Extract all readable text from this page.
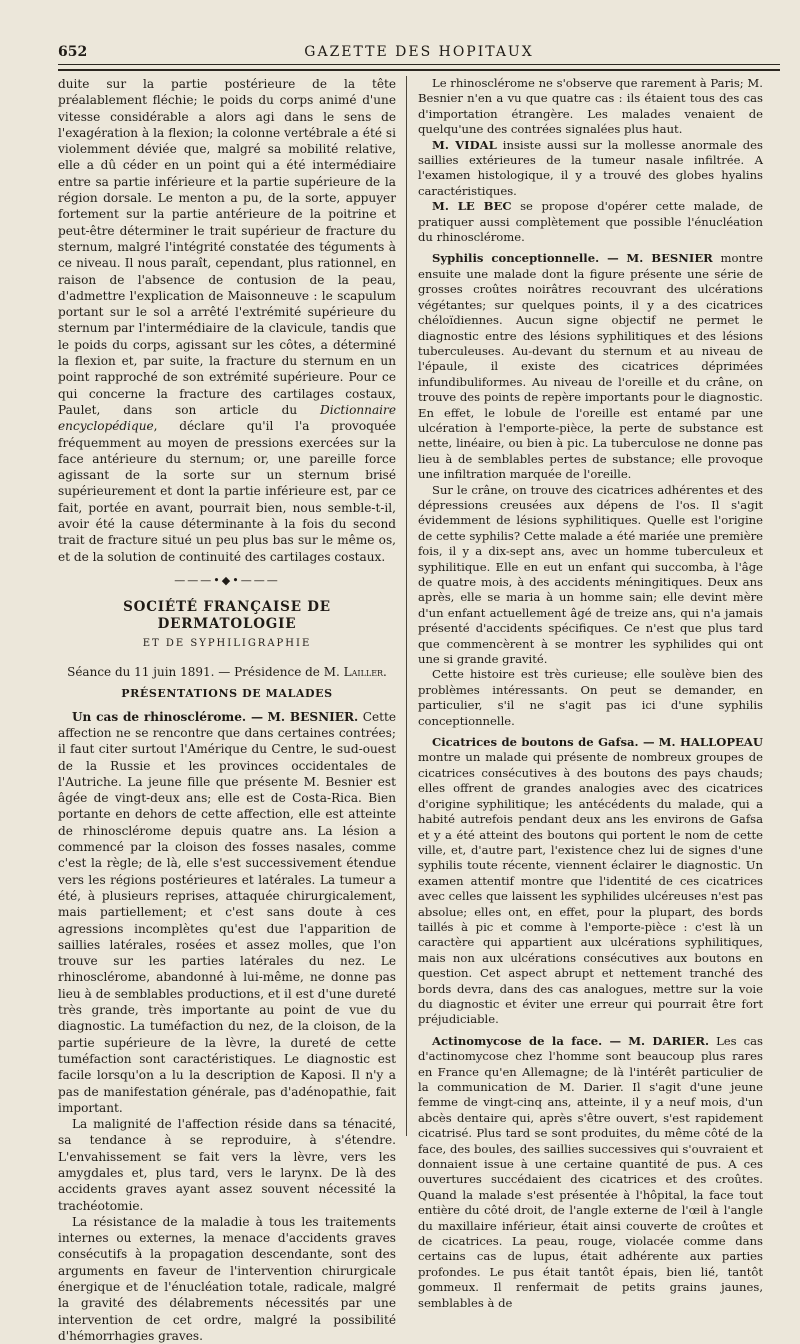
652	GAZETTE DES HOPITAUX

duite sur la partie postérieure de la tête préalablement fléchie; le poids du corps animé d'une vitesse considérable a alors agi dans le sens de l'exagération à la flexion; la colonne vertébrale a été si violemment déviée que, malgré sa mobilité relative, elle a dû céder en un point qui a été intermédiaire entre sa partie inférieure et la partie supérieure de la région dorsale. Le menton a pu, de la sorte, appuyer fortement sur la partie antérieure de la poitrine et peut-être déterminer le trait supérieur de fracture du sternum, malgré l'intégrité constatée des téguments à ce niveau. Il nous paraît, cependant, plus rationnel, en raison de l'absence de contusion de la peau, d'admettre l'explication de Maisonneuve : le scapulum portant sur le sol a arrêté l'extrémité supérieure du sternum par l'intermédiaire de la clavicule, tandis que le poids du corps, agissant sur les côtes, a déterminé la flexion et, par suite, la fracture du sternum en un point rapproché de son extrémité supérieure. Pour ce qui concerne la fracture des cartilages costaux, Paulet, dans son article du Dictionnaire encyclopédique, déclare qu'il l'a provoquée fréquemment au moyen de pressions exercées sur la face antérieure du sternum; or, une pareille force agissant de la sorte sur un sternum brisé supérieurement et dont la partie inférieure est, par ce fait, portée en avant, pourrait bien, nous semble-t-il, avoir été la cause déterminante à la fois du second trait de fracture situé un peu plus bas sur le même os, et de la solution de continuité des cartilages costaux.

———•◆•———
SOCIÉTÉ FRANÇAISE DE DERMATOLOGIE
ET DE SYPHILIGRAPHIE
Séance du 11 juin 1891. — Présidence de M. Lailler.
PRÉSENTATIONS DE MALADES

Un cas de rhinosclérome. — M. BESNIER. Cette affection ne se rencontre que dans certaines contrées; il faut citer surtout l'Amérique du Centre, le sud-ouest de la Russie et les provinces occidentales de l'Autriche. La jeune fille que présente M. Besnier est âgée de vingt-deux ans; elle est de Costa-Rica. Bien portante en dehors de cette affection, elle est atteinte de rhinosclérome depuis quatre ans. La lésion a commencé par la cloison des fosses nasales, comme c'est la règle; de là, elle s'est successivement étendue vers les régions postérieures et latérales. La tumeur a été, à plusieurs reprises, attaquée chirurgicalement, mais partiellement; et c'est sans doute à ces agressions incomplètes qu'est due l'apparition de saillies latérales, rosées et assez molles, que l'on trouve sur les parties latérales du nez. Le rhinosclérome, abandonné à lui-même, ne donne pas lieu à de semblables productions, et il est d'une dureté très grande, très importante au point de vue du diagnostic. La tuméfaction du nez, de la cloison, de la partie supérieure de la lèvre, la dureté de cette tuméfaction sont caractéristiques. Le diagnostic est facile lorsqu'on a lu la description de Kaposi. Il n'y a pas de manifestation générale, pas d'adénopathie, fait important.

La malignité de l'affection réside dans sa ténacité, sa tendance à se reproduire, à s'étendre. L'envahissement se fait vers la lèvre, vers les amygdales et, plus tard, vers le larynx. De là des accidents graves ayant assez souvent nécessité la trachéotomie.

La résistance de la maladie à tous les traitements internes ou externes, la menace d'accidents graves consécutifs à la propagation descendante, sont des arguments en faveur de l'intervention chirurgicale énergique et de l'énucléation totale, radicale, malgré la gravité des délabrements nécessités par une intervention de cet ordre, malgré la possibilité d'hémorrhagies graves.

Le rhinosclérome ne s'observe que rarement à Paris; M. Besnier n'en a vu que quatre cas : ils étaient tous des cas d'importation étrangère. Les malades venaient de quelqu'une des contrées signalées plus haut.

M. VIDAL insiste aussi sur la mollesse anormale des saillies extérieures de la tumeur nasale infiltrée. A l'examen histologique, il y a trouvé des globes hyalins caractéristiques.

M. LE BEC se propose d'opérer cette malade, de pratiquer aussi complètement que possible l'énucléation du rhinosclérome.

Syphilis conceptionnelle. — M. BESNIER montre ensuite une malade dont la figure présente une série de grosses croûtes noirâtres recouvrant des ulcérations végétantes; sur quelques points, il y a des cicatrices chéloïdiennes. Aucun signe objectif ne permet le diagnostic entre des lésions syphilitiques et des lésions tuberculeuses. Au-devant du sternum et au niveau de l'épaule, il existe des cicatrices déprimées infundibuliformes. Au niveau de l'oreille et du crâne, on trouve des points de repère importants pour le diagnostic. En effet, le lobule de l'oreille est entamé par une ulcération à l'emporte-pièce, la perte de substance est nette, linéaire, ou bien à pic. La tuberculose ne donne pas lieu à de semblables pertes de substance; elle provoque une infiltration marquée de l'oreille.

Sur le crâne, on trouve des cicatrices adhérentes et des dépressions creusées aux dépens de l'os. Il s'agit évidemment de lésions syphilitiques. Quelle est l'origine de cette syphilis? Cette malade a été mariée une première fois, il y a dix-sept ans, avec un homme tuberculeux et syphilitique. Elle en eut un enfant qui succomba, à l'âge de quatre mois, à des accidents méningitiques. Deux ans après, elle se maria à un homme sain; elle devint mère d'un enfant actuellement âgé de treize ans, qui n'a jamais présenté d'accidents spécifiques. Ce n'est que plus tard que commencèrent à se montrer les syphilides qui ont une si grande gravité.

Cette histoire est très curieuse; elle soulève bien des problèmes intéressants. On peut se demander, en particulier, s'il ne s'agit pas ici d'une syphilis conceptionnelle.

Cicatrices de boutons de Gafsa. — M. HALLOPEAU montre un malade qui présente de nombreux groupes de cicatrices consécutives à des boutons des pays chauds; elles offrent de grandes analogies avec des cicatrices d'origine syphilitique; les antécédents du malade, qui a habité autrefois pendant deux ans les environs de Gafsa et y a été atteint des boutons qui portent le nom de cette ville, et, d'autre part, l'existence chez lui de signes d'une syphilis toute récente, viennent éclairer le diagnostic. Un examen attentif montre que l'identité de ces cicatrices avec celles que laissent les syphilides ulcéreuses n'est pas absolue; elles ont, en effet, pour la plupart, des bords taillés à pic et comme à l'emporte-pièce : c'est là un caractère qui appartient aux ulcérations syphilitiques, mais non aux ulcérations consécutives aux boutons en question. Cet aspect abrupt et nettement tranché des bords devra, dans des cas analogues, mettre sur la voie du diagnostic et éviter une erreur qui pourrait être fort préjudiciable.

Actinomycose de la face. — M. DARIER. Les cas d'actinomycose chez l'homme sont beaucoup plus rares en France qu'en Allemagne; de là l'intérêt particulier de la communication de M. Darier. Il s'agit d'une jeune femme de vingt-cinq ans, atteinte, il y a neuf mois, d'un abcès dentaire qui, après s'être ouvert, s'est rapidement cicatrisé. Plus tard se sont produites, du même côté de la face, des boules, des saillies successives qui s'ouvraient et donnaient issue à une certaine quantité de pus. A ces ouvertures succédaient des cicatrices et des croûtes. Quand la malade s'est présentée à l'hôpital, la face tout entière du côté droit, de l'angle externe de l'œil à l'angle du maxillaire inférieur, était ainsi couverte de croûtes et de cicatrices. La peau, rouge, violacée comme dans certains cas de lupus, était adhérente aux parties profondes. Le pus était tantôt épais, bien lié, tantôt gommeux. Il renfermait de petits grains jaunes, semblables à de
